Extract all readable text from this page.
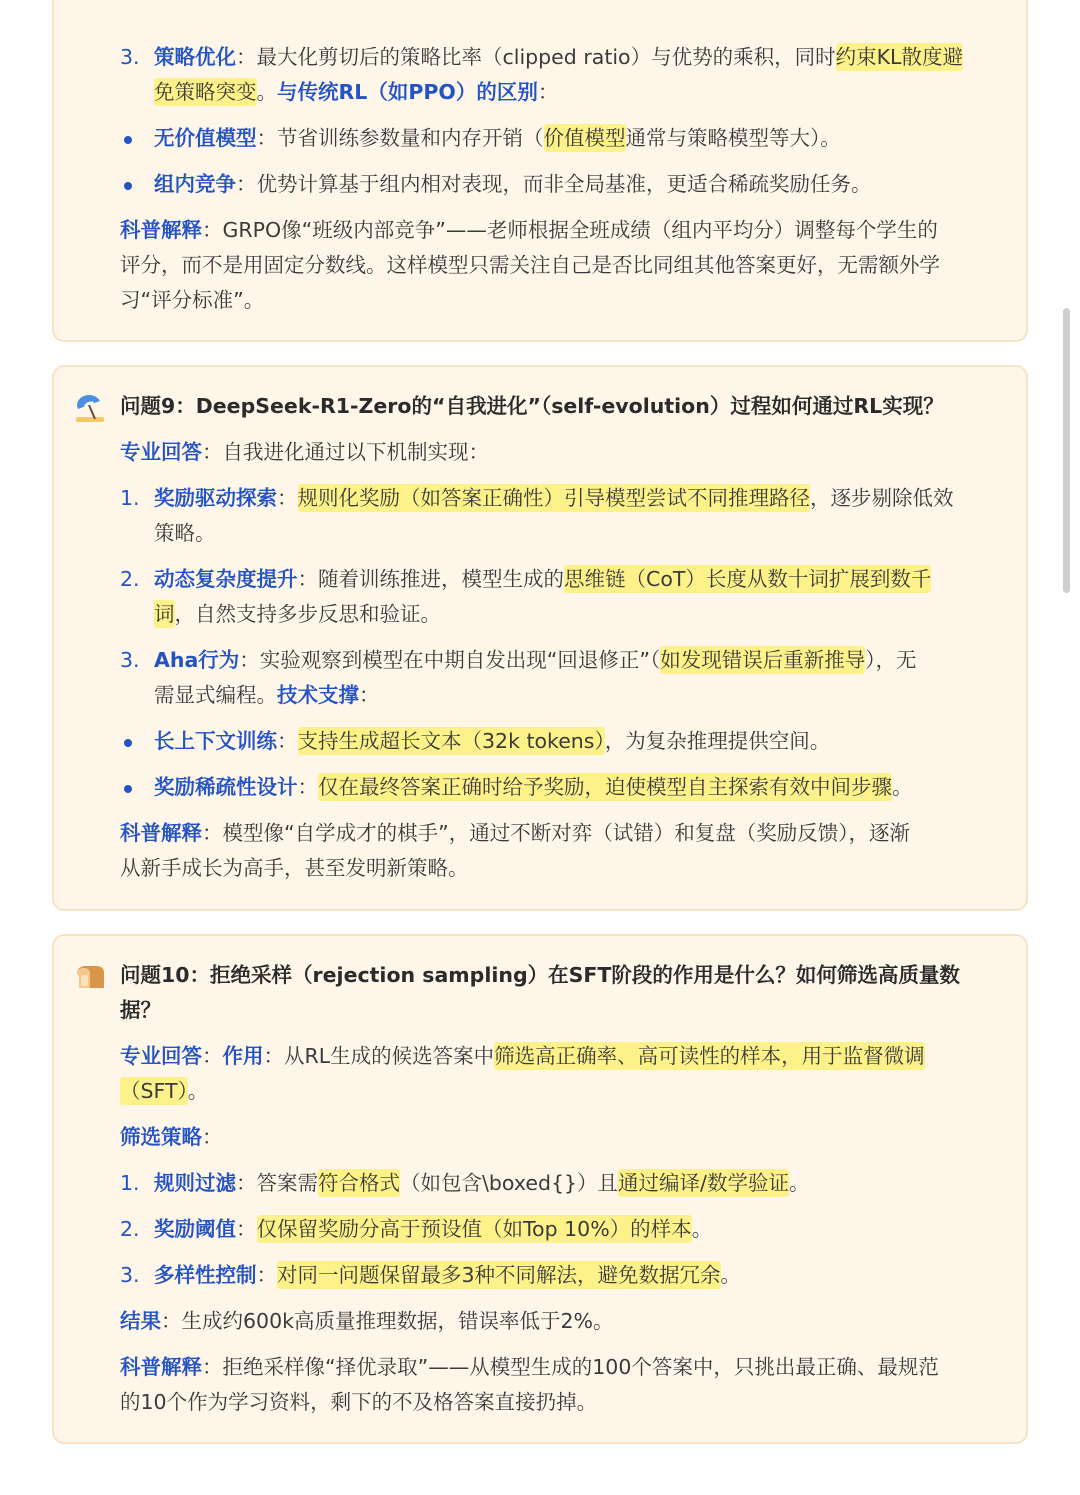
3. 策略优化：最大化剪切后的策略比率（clipped ratio）与优势的乘积，同时约束KL散度避
免策略突变。与传统RL（如PPO）的区别：
无价值模型：节省训练参数量和内存开销（价值模型通常与策略模型等大）。
组内竞争：优势计算基于组内相对表现，而非全局基准，更适合稀疏奖励任务。
科普解释：GRPO像“班级内部竞争”——老师根据全班成绩（组内平均分）调整每个学生的
评分，而不是用固定分数线。这样模型只需关注自己是否比同组其他答案更好，无需额外学
习“评分标准”。
问题9：DeepSeek-R1-Zero的“自我进化”（self-evolution）过程如何通过RL实现？
专业回答：自我进化通过以下机制实现：
1. 奖励驱动探索：规则化奖励（如答案正确性）引导模型尝试不同推理路径，逐步剔除低效
策略。
2. 动态复杂度提升：随着训练推进，模型生成的思维链（CoT）长度从数十词扩展到数千
词，自然支持多步反思和验证。
3. Aha行为：实验观察到模型在中期自发出现“回退修正”（如发现错误后重新推导），无
需显式编程。技术支撑：
长上下文训练：支持生成超长文本（32k tokens），为复杂推理提供空间。
奖励稀疏性设计：仅在最终答案正确时给予奖励，迫使模型自主探索有效中间步骤。
科普解释：模型像“自学成才的棋手”，通过不断对弈（试错）和复盘（奖励反馈），逐渐
从新手成长为高手，甚至发明新策略。
问题10：拒绝采样（rejection sampling）在SFT阶段的作用是什么？如何筛选高质量数
据？
专业回答：作用：从RL生成的候选答案中筛选高正确率、高可读性的样本，用于监督微调
（SFT）。
筛选策略：
1. 规则过滤：答案需符合格式（如包含\boxed{}）且通过编译/数学验证。
2. 奖励阈值：仅保留奖励分高于预设值（如Top 10%）的样本。
3. 多样性控制：对同一问题保留最多3种不同解法，避免数据冗余。
结果：生成约600k高质量推理数据，错误率低于2%。
科普解释：拒绝采样像“择优录取”——从模型生成的100个答案中，只挑出最正确、最规范
的10个作为学习资料，剩下的不及格答案直接扔掉。
